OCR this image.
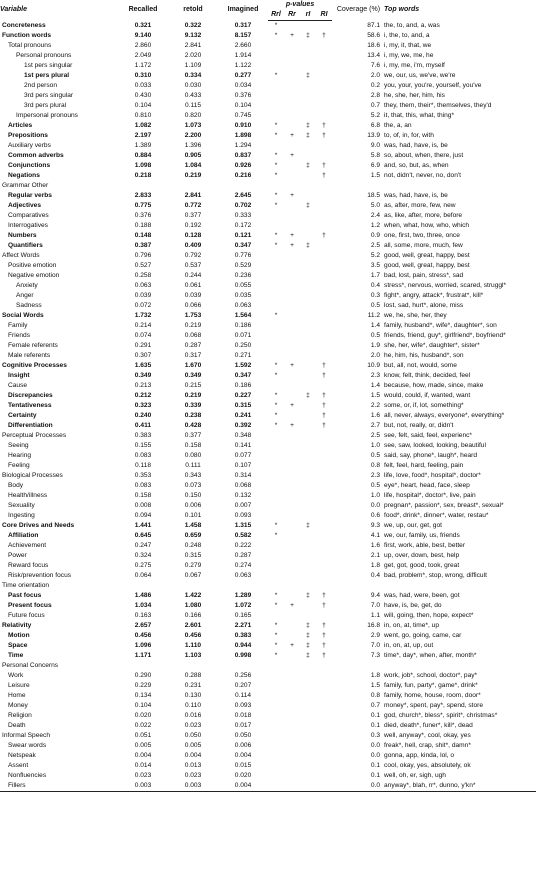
Variable	Recalled	retold	Imagined	p-values				Coverage (%)	Top words
				Rrl	Rr	rI	RI		
Concreteness	0.321	0.322	0.317	*				87.1	the, to, and, a, was
Function words	9.140	9.132	8.157	*	+	‡	†	58.6	i, the, to, and, a
Total pronouns	2.860	2.841	2.660					18.6	i, my, it, that, we
Personal pronouns	2.049	2.020	1.914					13.4	i, my, we, me, he
1st pers singular	1.172	1.109	1.122					7.6	i, my, me, i'm, myself
1st pers plural	0.310	0.334	0.277	*		‡		2.0	we, our, us, we've, we're
2nd person	0.033	0.030	0.034					0.2	you, your, you're, yourself, you've
3rd pers singular	0.430	0.433	0.376					2.8	he, she, her, him, his
3rd pers plural	0.104	0.115	0.104					0.7	they, them, their*, themselves, they'd
Impersonal pronouns	0.810	0.820	0.745					5.2	it, that, this, what, thing*
Articles	1.082	1.073	0.910	*		‡	†	6.8	the, a, an
Prepositions	2.197	2.200	1.898	*	+	‡	†	13.9	to, of, in, for, with
Auxiliary verbs	1.389	1.396	1.294					9.0	was, had, have, is, be
Common adverbs	0.884	0.905	0.837	*	+			5.8	so, about, when, there, just
Conjunctions	1.098	1.084	0.926	*		‡	†	6.9	and, so, but, as, when
Negations	0.218	0.219	0.216	*			†	1.5	not, didn't, never, no, don't
Grammar Other									
Regular verbs	2.833	2.841	2.645	*	+			18.5	was, had, have, is, be
Adjectives	0.775	0.772	0.702	*		‡		5.0	as, after, more, few, new
Comparatives	0.376	0.377	0.333					2.4	as, like, after, more, before
Interrogatives	0.188	0.192	0.172					1.2	when, what, how, who, which
Numbers	0.148	0.128	0.121	*	+		†	0.9	one, first, two, three, once
Quantifiers	0.387	0.409	0.347	*	+	‡		2.5	all, some, more, much, few
Affect Words	0.796	0.792	0.776					5.2	good, well, great, happy, best
Positive emotion	0.527	0.537	0.529					3.5	good, well, great, happy, best
Negative emotion	0.258	0.244	0.236					1.7	bad, lost, pain, stress*, sad
Anxiety	0.063	0.061	0.055					0.4	stress*, nervous, worried, scared, struggl*
Anger	0.039	0.039	0.035					0.3	fight*, angry, attack*, frustrat*, kill*
Sadness	0.072	0.066	0.063					0.5	lost, sad, hurt*, alone, miss
Social Words	1.732	1.753	1.564	*				11.2	we, he, she, her, they
Family	0.214	0.219	0.186					1.4	family, husband*, wife*, daughter*, son
Friends	0.074	0.068	0.071					0.5	friends, friend, guy*, girlfriend*, boyfriend*
Female referents	0.291	0.287	0.250					1.9	she, her, wife*, daughter*, sister*
Male referents	0.307	0.317	0.271					2.0	he, him, his, husband*, son
Cognitive Processes	1.635	1.670	1.592	*	+		†	10.9	but, all, not, would, some
Insight	0.349	0.349	0.347	*			†	2.3	know, felt, think, decided, feel
Cause	0.213	0.215	0.186					1.4	because, how, made, since, make
Discrepancies	0.212	0.219	0.227	*		‡	†	1.5	would, could, if, wanted, want
Tentativeness	0.323	0.339	0.315	*	+		†	2.2	some, or, if, lot, something*
Certainty	0.240	0.238	0.241	*			†	1.6	all, never, always, everyone*, everything*
Differentiation	0.411	0.428	0.392	*	+		†	2.7	but, not, really, or, didn't
Perceptual Processes	0.383	0.377	0.348					2.5	see, felt, said, feel, experienc*
Seeing	0.155	0.158	0.141					1.0	see, saw, looked, looking, beautiful
Hearing	0.083	0.080	0.077					0.5	said, say, phone*, laugh*, heard
Feeling	0.118	0.111	0.107					0.8	felt, feel, hard, feeling, pain
Biological Processes	0.353	0.343	0.314					2.3	life, love, food*, hospital*, doctor*
Body	0.083	0.073	0.068					0.5	eye*, heart, head, face, sleep
Health/illness	0.158	0.150	0.132					1.0	life, hospital*, doctor*, live, pain
Sexuality	0.008	0.006	0.007					0.0	pregnan*, passion*, sex, breast*, sexual*
Ingesting	0.094	0.101	0.093					0.6	food*, drink*, dinner*, water, restau*
Core Drives and Needs	1.441	1.458	1.315	*		‡		9.3	we, up, our, get, got
Affiliation	0.645	0.659	0.582	*				4.1	we, our, family, us, friends
Achievement	0.247	0.248	0.222					1.6	first, work, able, best, better
Power	0.324	0.315	0.287					2.1	up, over, down, best, help
Reward focus	0.275	0.279	0.274					1.8	get, got, good, took, great
Risk/prevention focus	0.064	0.067	0.063					0.4	bad, problem*, stop, wrong, difficult
Time orientation									
Past focus	1.486	1.422	1.289	*		‡	†	9.4	was, had, were, been, got
Present focus	1.034	1.080	1.072	*	+		†	7.0	have, is, be, get, do
Future focus	0.163	0.166	0.165					1.1	will, going, then, hope, expect*
Relativity	2.657	2.601	2.271	*		‡	†	16.8	in, on, at, time*, up
Motion	0.456	0.456	0.383	*		‡	†	2.9	went, go, going, came, car
Space	1.096	1.110	0.944	*	+	‡	†	7.0	in, on, at, up, out
Time	1.171	1.103	0.998	*		‡	†	7.3	time*, day*, when, after, month*
Personal Concerns									
Work	0.290	0.288	0.256					1.8	work, job*, school, doctor*, pay*
Leisure	0.229	0.231	0.207					1.5	family, fun, party*, game*, drink*
Home	0.134	0.130	0.114					0.8	family, home, house, room, door*
Money	0.104	0.110	0.093					0.7	money*, spent, pay*, spend, store
Religion	0.020	0.016	0.018					0.1	god, church*, bless*, spirit*, christmas*
Death	0.022	0.023	0.017					0.1	died, death*, funer*, kill*, dead
Informal Speech	0.051	0.050	0.050					0.3	well, anyway*, cool, okay, yes
Swear words	0.005	0.005	0.006					0.0	freak*, hell, crap, shit*, damn*
Netspeak	0.004	0.004	0.004					0.0	gonna, app, kinda, lol, o
Assent	0.014	0.013	0.015					0.1	cool, okay, yes, absolutely, ok
Nonfluencies	0.023	0.023	0.020					0.1	well, oh, er, sigh, ugh
Fillers	0.003	0.003	0.004					0.0	anyway*, blah, rr*, dunno, y'kn*
